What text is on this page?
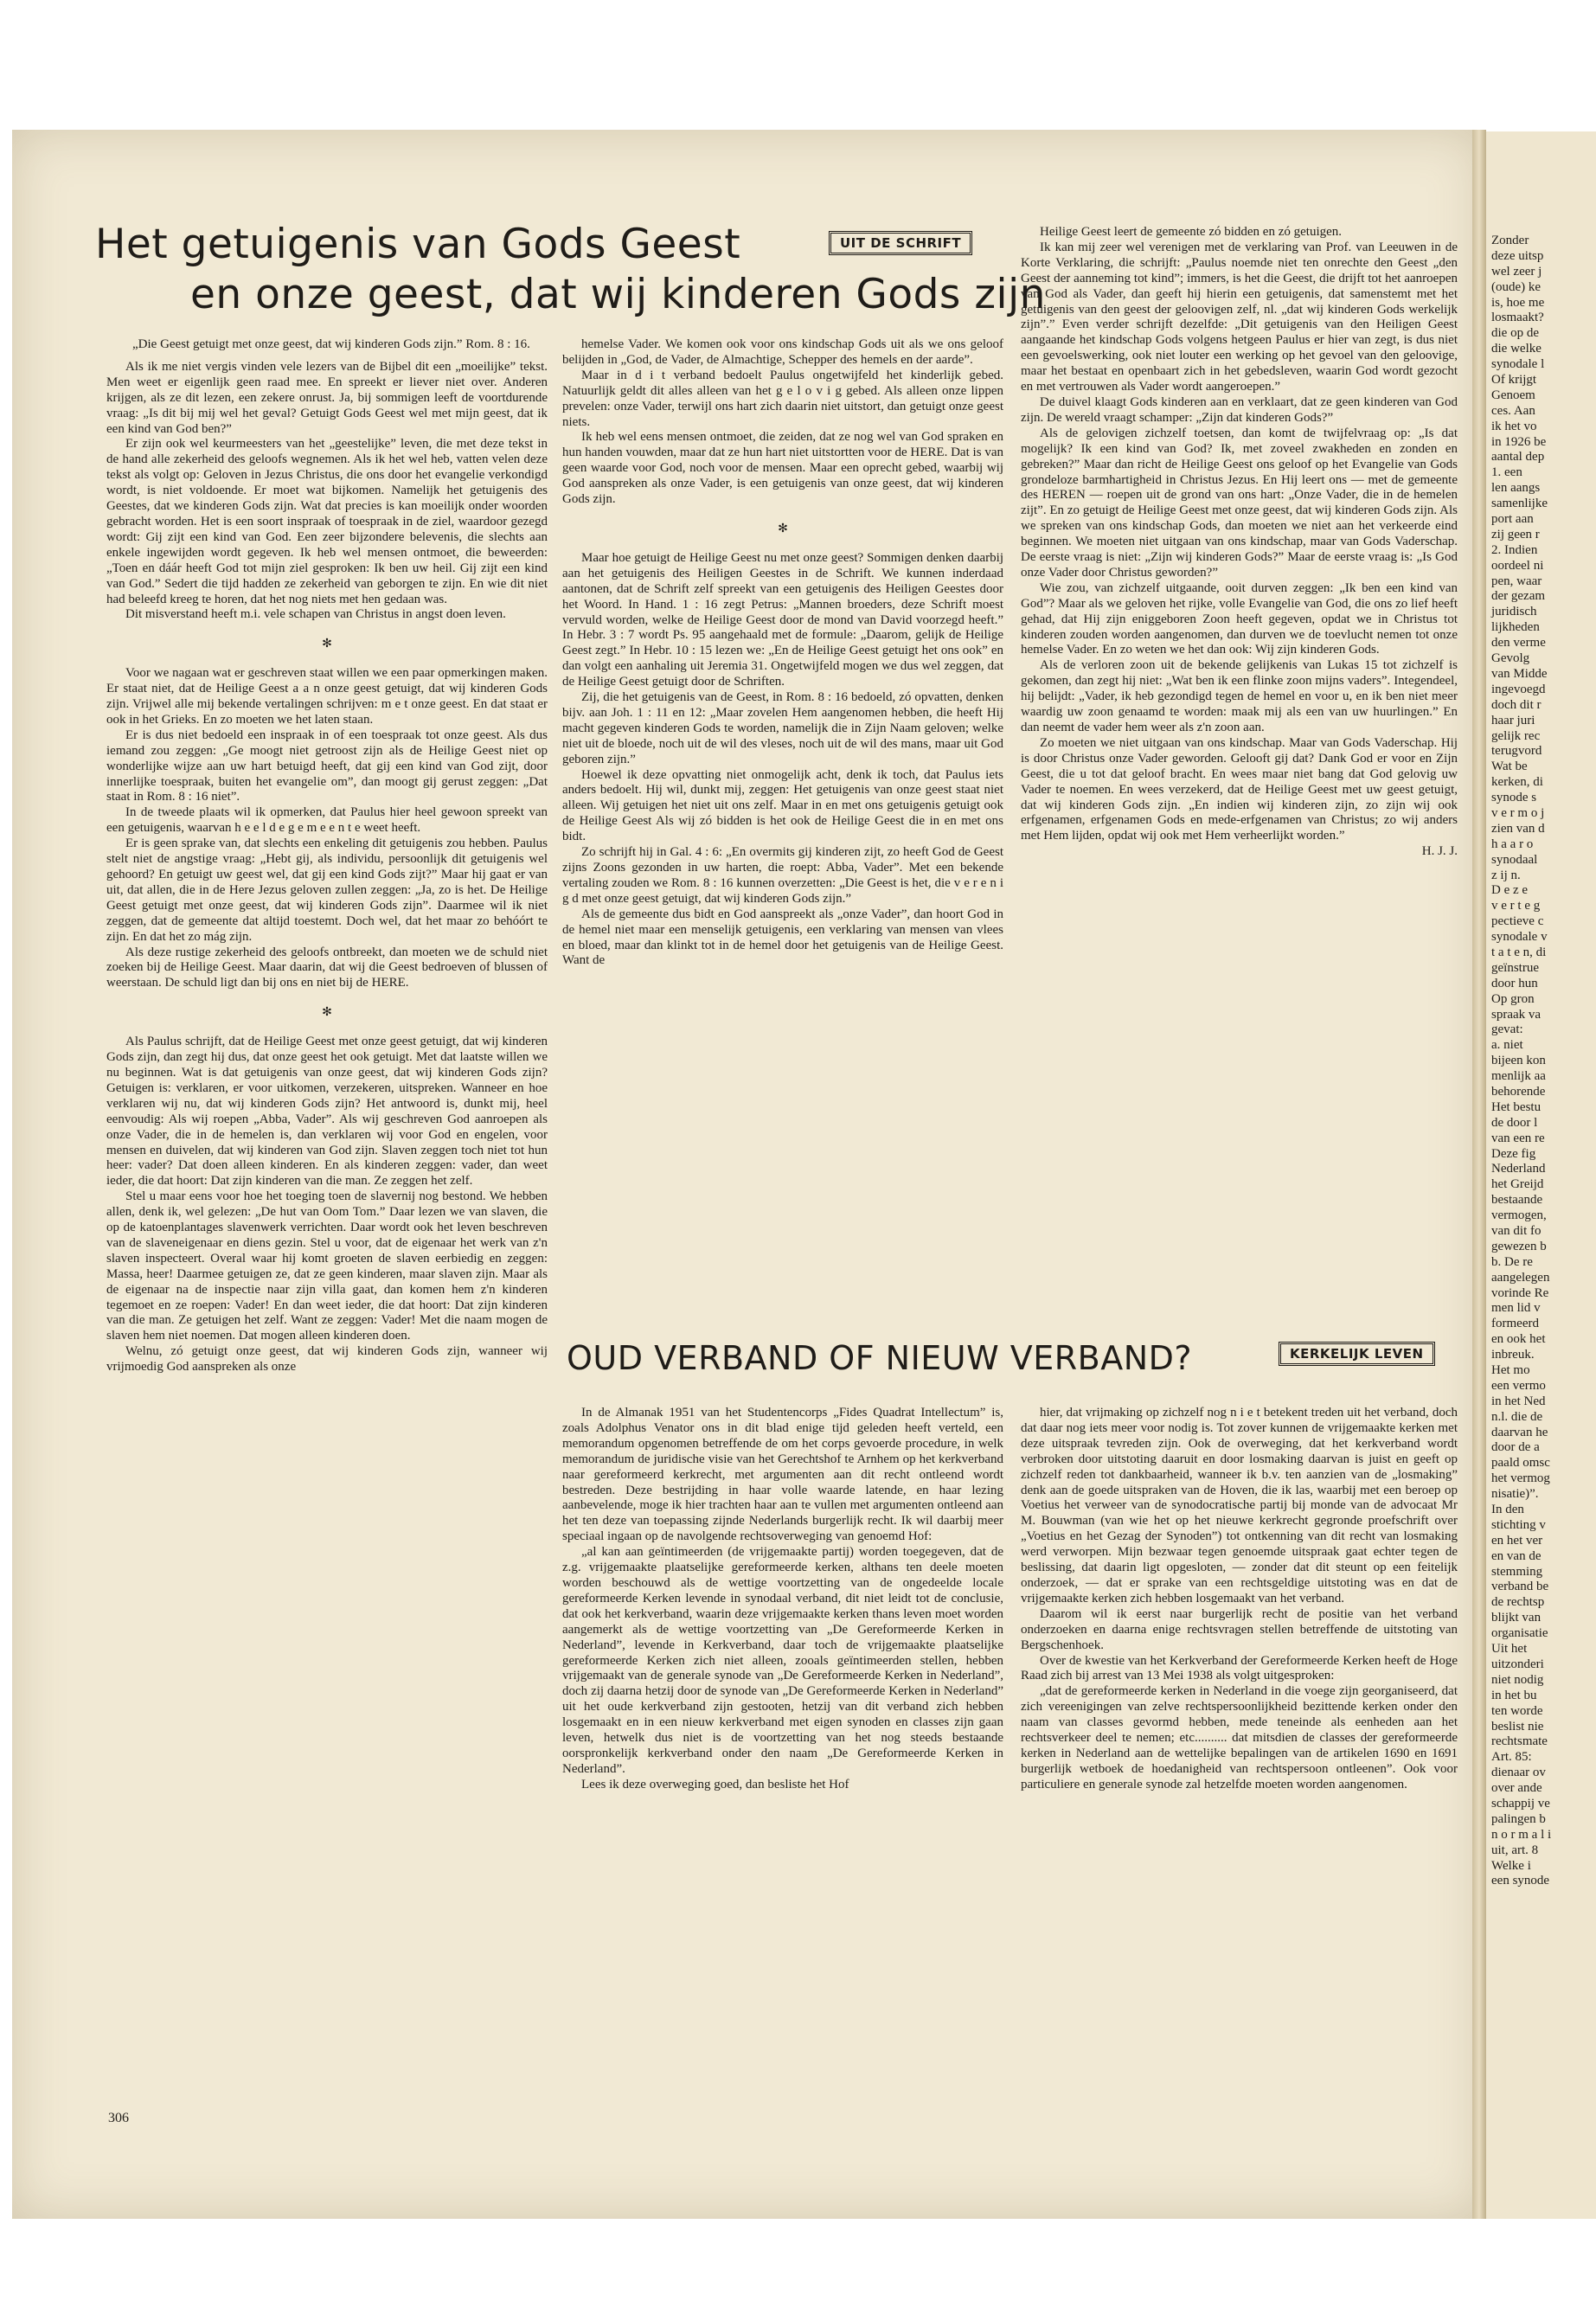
Zonder
deze uitsp
wel zeer j
(oude) ke
is, hoe me
losmaakt?
die op de
die welke
synodale l
Of krijgt
Genoem
ces. Aan
ik het vo
in 1926 be
aantal dep
1. een
len aangs
samenlijke
port aan
zij geen r
2. Indien
oordeel ni
pen, waar
der gezam
juridisch
lijkheden
den verme
Gevolg
van Midde
ingevoegd
doch dit r
haar juri
gelijk rec
terugvord
Wat be
kerken, di
synode s
v e r m o j
zien van d
h a a r o
synodaal
z ij n.
D e z e
v e r t e g
pectieve c
synodale v
t a t e n, di
geïnstrue
door hun
Op gron
spraak va
gevat:
a. niet
bijeen kon
menlijk aa
behorende
Het bestu
de door l
van een re
Deze fig
Nederland
het Greijd
bestaande
vermogen,
van dit fo
gewezen b
b. De re
aangelegen
vorinde Re
men lid v
formeerd
en ook het
inbreuk.
Het mo
een vermo
in het Ned
n.l. die de
daarvan he
door de a
paald omsc
het vermog
nisatie)”.
In den
stichting v
en het ver
en van de
stemming
verband be
de rechtsp
blijkt van
organisatie
Uit het
uitzonderi
niet nodig
in het bu
ten worde
beslist nie
rechtsmate
Art. 85:
dienaar ov
over ande
schappij ve
palingen b
n o r m a l i
uit, art. 8
Welke i
een synode
Het getuigenis van Gods Geest
en onze geest, dat wij kinderen Gods zijn
UIT DE SCHRIFT

„Die Geest getuigt met onze geest, dat wij kinderen Gods zijn.” Rom. 8 : 16.

Als ik me niet vergis vinden vele lezers van de Bijbel dit een „moeilijke” tekst. Men weet er eigenlijk geen raad mee. En spreekt er liever niet over. Anderen krijgen, als ze dit lezen, een zekere onrust. Ja, bij sommigen leeft de voortdurende vraag: „Is dit bij mij wel het geval? Getuigt Gods Geest wel met mijn geest, dat ik een kind van God ben?”

Er zijn ook wel keurmeesters van het „geestelijke” leven, die met deze tekst in de hand alle zekerheid des geloofs wegnemen. Als ik het wel heb, vatten velen deze tekst als volgt op: Geloven in Jezus Christus, die ons door het evangelie verkondigd wordt, is niet voldoende. Er moet wat bijkomen. Namelijk het getuigenis des Geestes, dat we kinderen Gods zijn. Wat dat precies is kan moeilijk onder woorden gebracht worden. Het is een soort inspraak of toespraak in de ziel, waardoor gezegd wordt: Gij zijt een kind van God. Een zeer bijzondere belevenis, die slechts aan enkele ingewijden wordt gegeven. Ik heb wel mensen ontmoet, die beweerden: „Toen en dáár heeft God tot mijn ziel gesproken: Ik ben uw heil. Gij zijt een kind van God.” Sedert die tijd hadden ze zekerheid van geborgen te zijn. En wie dit niet had beleefd kreeg te horen, dat het nog niets met hen gedaan was.

Dit misverstand heeft m.i. vele schapen van Christus in angst doen leven.

✻

Voor we nagaan wat er geschreven staat willen we een paar opmerkingen maken. Er staat niet, dat de Heilige Geest a a n onze geest getuigt, dat wij kinderen Gods zijn. Vrijwel alle mij bekende vertalingen schrijven: m e t onze geest. En dat staat er ook in het Grieks. En zo moeten we het laten staan.

Er is dus niet bedoeld een inspraak in of een toespraak tot onze geest. Als dus iemand zou zeggen: „Ge moogt niet getroost zijn als de Heilige Geest niet op wonderlijke wijze aan uw hart betuigd heeft, dat gij een kind van God zijt, door innerlijke toespraak, buiten het evangelie om”, dan moogt gij gerust zeggen: „Dat staat in Rom. 8 : 16 niet”.

In de tweede plaats wil ik opmerken, dat Paulus hier heel gewoon spreekt van een getuigenis, waarvan h e e l d e g e m e e n t e weet heeft.

Er is geen sprake van, dat slechts een enkeling dit getuigenis zou hebben. Paulus stelt niet de angstige vraag: „Hebt gij, als individu, persoonlijk dit getuigenis wel gehoord? En getuigt uw geest wel, dat gij een kind Gods zijt?” Maar hij gaat er van uit, dat allen, die in de Here Jezus geloven zullen zeggen: „Ja, zo is het. De Heilige Geest getuigt met onze geest, dat wij kinderen Gods zijn”. Daarmee wil ik niet zeggen, dat de gemeente dat altijd toestemt. Doch wel, dat het maar zo behóórt te zijn. En dat het zo mág zijn.

Als deze rustige zekerheid des geloofs ontbreekt, dan moeten we de schuld niet zoeken bij de Heilige Geest. Maar daarin, dat wij die Geest bedroeven of blussen of weerstaan. De schuld ligt dan bij ons en niet bij de HERE.

✻

Als Paulus schrijft, dat de Heilige Geest met onze geest getuigt, dat wij kinderen Gods zijn, dan zegt hij dus, dat onze geest het ook getuigt. Met dat laatste willen we nu beginnen. Wat is dat getuigenis van onze geest, dat wij kinderen Gods zijn? Getuigen is: verklaren, er voor uitkomen, verzekeren, uitspreken. Wanneer en hoe verklaren wij nu, dat wij kinderen Gods zijn? Het antwoord is, dunkt mij, heel eenvoudig: Als wij roepen „Abba, Vader”. Als wij geschreven God aanroepen als onze Vader, die in de hemelen is, dan verklaren wij voor God en engelen, voor mensen en duivelen, dat wij kinderen van God zijn. Slaven zeggen toch niet tot hun heer: vader? Dat doen alleen kinderen. En als kinderen zeggen: vader, dan weet ieder, die dat hoort: Dat zijn kinderen van die man. Ze zeggen het zelf.

Stel u maar eens voor hoe het toeging toen de slavernij nog bestond. We hebben allen, denk ik, wel gelezen: „De hut van Oom Tom.” Daar lezen we van slaven, die op de katoenplantages slavenwerk verrichten. Daar wordt ook het leven beschreven van de slaveneigenaar en diens gezin. Stel u voor, dat de eigenaar het werk van z'n slaven inspecteert. Overal waar hij komt groeten de slaven eerbiedig en zeggen: Massa, heer! Daarmee getuigen ze, dat ze geen kinderen, maar slaven zijn. Maar als de eigenaar na de inspectie naar zijn villa gaat, dan komen hem z'n kinderen tegemoet en ze roepen: Vader! En dan weet ieder, die dat hoort: Dat zijn kinderen van die man. Ze getuigen het zelf. Want ze zeggen: Vader! Met die naam mogen de slaven hem niet noemen. Dat mogen alleen kinderen doen.

Welnu, zó getuigt onze geest, dat wij kinderen Gods zijn, wanneer wij vrijmoedig God aanspreken als onze

hemelse Vader. We komen ook voor ons kindschap Gods uit als we ons geloof belijden in „God, de Vader, de Almachtige, Schepper des hemels en der aarde”.

Maar in d i t verband bedoelt Paulus ongetwijfeld het kinderlijk gebed. Natuurlijk geldt dit alles alleen van het g e l o v i g gebed. Als alleen onze lippen prevelen: onze Vader, terwijl ons hart zich daarin niet uitstort, dan getuigt onze geest niets.

Ik heb wel eens mensen ontmoet, die zeiden, dat ze nog wel van God spraken en hun handen vouwden, maar dat ze hun hart niet uitstortten voor de HERE. Dat is van geen waarde voor God, noch voor de mensen. Maar een oprecht gebed, waarbij wij God aanspreken als onze Vader, is een getuigenis van onze geest, dat wij kinderen Gods zijn.

✻

Maar hoe getuigt de Heilige Geest nu met onze geest? Sommigen denken daarbij aan het getuigenis des Heiligen Geestes in de Schrift. We kunnen inderdaad aantonen, dat de Schrift zelf spreekt van een getuigenis des Heiligen Geestes door het Woord. In Hand. 1 : 16 zegt Petrus: „Mannen broeders, deze Schrift moest vervuld worden, welke de Heilige Geest door de mond van David voorzegd heeft.” In Hebr. 3 : 7 wordt Ps. 95 aangehaald met de formule: „Daarom, gelijk de Heilige Geest zegt.” In Hebr. 10 : 15 lezen we: „En de Heilige Geest getuigt het ons ook” en dan volgt een aanhaling uit Jeremia 31. Ongetwijfeld mogen we dus wel zeggen, dat de Heilige Geest getuigt door de Schriften.

Zij, die het getuigenis van de Geest, in Rom. 8 : 16 bedoeld, zó opvatten, denken bijv. aan Joh. 1 : 11 en 12: „Maar zovelen Hem aangenomen hebben, die heeft Hij macht gegeven kinderen Gods te worden, namelijk die in Zijn Naam geloven; welke niet uit de bloede, noch uit de wil des vleses, noch uit de wil des mans, maar uit God geboren zijn.”

Hoewel ik deze opvatting niet onmogelijk acht, denk ik toch, dat Paulus iets anders bedoelt. Hij wil, dunkt mij, zeggen: Het getuigenis van onze geest staat niet alleen. Wij getuigen het niet uit ons zelf. Maar in en met ons getuigenis getuigt ook de Heilige Geest Als wij zó bidden is het ook de Heilige Geest die in en met ons bidt.

Zo schrijft hij in Gal. 4 : 6: „En overmits gij kinderen zijt, zo heeft God de Geest zijns Zoons gezonden in uw harten, die roept: Abba, Vader”. Met een bekende vertaling zouden we Rom. 8 : 16 kunnen overzetten: „Die Geest is het, die v e r e n i g d met onze geest getuigt, dat wij kinderen Gods zijn.”

Als de gemeente dus bidt en God aanspreekt als „onze Vader”, dan hoort God in de hemel niet maar een menselijk getuigenis, een verklaring van mensen van vlees en bloed, maar dan klinkt tot in de hemel door het getuigenis van de Heilige Geest. Want de

Heilige Geest leert de gemeente zó bidden en zó getuigen.

Ik kan mij zeer wel verenigen met de verklaring van Prof. van Leeuwen in de Korte Verklaring, die schrijft: „Paulus noemde niet ten onrechte den Geest „den Geest der aanneming tot kind”; immers, is het die Geest, die drijft tot het aanroepen van God als Vader, dan geeft hij hierin een getuigenis, dat samenstemt met het getuigenis van den geest der geloovigen zelf, nl. „dat wij kinderen Gods werkelijk zijn”.” Even verder schrijft dezelfde: „Dit getuigenis van den Heiligen Geest aangaande het kindschap Gods volgens hetgeen Paulus er hier van zegt, is dus niet een gevoelswerking, ook niet louter een werking op het gevoel van den geloovige, maar het bestaat en openbaart zich in het gebedsleven, waarin God wordt gezocht en met vertrouwen als Vader wordt aangeroepen.”

De duivel klaagt Gods kinderen aan en verklaart, dat ze geen kinderen van God zijn. De wereld vraagt schamper: „Zijn dat kinderen Gods?”

Als de gelovigen zichzelf toetsen, dan komt de twijfelvraag op: „Is dat mogelijk? Ik een kind van God? Ik, met zoveel zwakheden en zonden en gebreken?” Maar dan richt de Heilige Geest ons geloof op het Evangelie van Gods grondeloze barmhartigheid in Christus Jezus. En Hij leert ons — met de gemeente des HEREN — roepen uit de grond van ons hart: „Onze Vader, die in de hemelen zijt”. En zo getuigt de Heilige Geest met onze geest, dat wij kinderen Gods zijn. Als we spreken van ons kindschap Gods, dan moeten we niet aan het verkeerde eind beginnen. We moeten niet uitgaan van ons kindschap, maar van Gods Vaderschap. De eerste vraag is niet: „Zijn wij kinderen Gods?” Maar de eerste vraag is: „Is God onze Vader door Christus geworden?”

Wie zou, van zichzelf uitgaande, ooit durven zeggen: „Ik ben een kind van God”? Maar als we geloven het rijke, volle Evangelie van God, die ons zo lief heeft gehad, dat Hij zijn eniggeboren Zoon heeft gegeven, opdat we in Christus tot kinderen zouden worden aangenomen, dan durven we de toevlucht nemen tot onze hemelse Vader. En zo weten we het dan ook: Wij zijn kinderen Gods.

Als de verloren zoon uit de bekende gelijkenis van Lukas 15 tot zichzelf is gekomen, dan zegt hij niet: „Wat ben ik een flinke zoon mijns vaders”. Integendeel, hij belijdt: „Vader, ik heb gezondigd tegen de hemel en voor u, en ik ben niet meer waardig uw zoon genaamd te worden: maak mij als een van uw huurlingen.” En dan neemt de vader hem weer als z'n zoon aan.

Zo moeten we niet uitgaan van ons kindschap. Maar van Gods Vaderschap. Hij is door Christus onze Vader geworden. Gelooft gij dat? Dank God er voor en Zijn Geest, die u tot dat geloof bracht. En wees maar niet bang dat God gelovig uw Vader te noemen. En wees verzekerd, dat de Heilige Geest met uw geest getuigt, dat wij kinderen Gods zijn. „En indien wij kinderen zijn, zo zijn wij ook erfgenamen, erfgenamen Gods en mede-erfgenamen van Christus; zo wij anders met Hem lijden, opdat wij ook met Hem verheerlijkt worden.”

H. J. J.

OUD VERBAND OF NIEUW VERBAND?	KERKELIJK LEVEN

In de Almanak 1951 van het Studentencorps „Fides Quadrat Intellectum” is, zoals Adolphus Venator ons in dit blad enige tijd geleden heeft verteld, een memorandum opgenomen betreffende de om het corps gevoerde procedure, in welk memorandum de juridische visie van het Gerechtshof te Arnhem op het kerkverband naar gereformeerd kerkrecht, met argumenten aan dit recht ontleend wordt bestreden. Deze bestrijding in haar volle waarde latende, en haar lezing aanbevelende, moge ik hier trachten haar aan te vullen met argumenten ontleend aan het ten deze van toepassing zijnde Nederlands burgerlijk recht. Ik wil daarbij meer speciaal ingaan op de navolgende rechtsoverweging van genoemd Hof:

„al kan aan geïntimeerden (de vrijgemaakte partij) worden toegegeven, dat de z.g. vrijgemaakte plaatselijke gereformeerde kerken, althans ten deele moeten worden beschouwd als de wettige voortzetting van de ongedeelde locale gereformeerde Kerken levende in synodaal verband, dit niet leidt tot de conclusie, dat ook het kerkverband, waarin deze vrijgemaakte kerken thans leven moet worden aangemerkt als de wettige voortzetting van „De Gereformeerde Kerken in Nederland”, levende in Kerkverband, daar toch de vrijgemaakte plaatselijke gereformeerde Kerken zich niet alleen, zooals geïntimeerden stellen, hebben vrijgemaakt van de generale synode van „De Gereformeerde Kerken in Nederland”, doch zij daarna hetzij door de synode van „De Gereformeerde Kerken in Nederland” uit het oude kerkverband zijn gestooten, hetzij van dit verband zich hebben losgemaakt en in een nieuw kerkverband met eigen synoden en classes zijn gaan leven, hetwelk dus niet is de voortzetting van het nog steeds bestaande oorspronkelijk kerkverband onder den naam „De Gereformeerde Kerken in Nederland”.

Lees ik deze overweging goed, dan besliste het Hof

hier, dat vrijmaking op zichzelf nog n i e t betekent treden uit het verband, doch dat daar nog iets meer voor nodig is. Tot zover kunnen de vrijgemaakte kerken met deze uitspraak tevreden zijn. Ook de overweging, dat het kerkverband wordt verbroken door uitstoting daaruit en door losmaking daarvan is juist en geeft op zichzelf reden tot dankbaarheid, wanneer ik b.v. ten aanzien van de „losmaking” denk aan de goede uitspraken van de Hoven, die ik las, waarbij met een beroep op Voetius het verweer van de synodocratische partij bij monde van de advocaat Mr M. Bouwman (van wie het op het nieuwe kerkrecht gegronde proefschrift over „Voetius en het Gezag der Synoden”) tot ontkenning van dit recht van losmaking werd verworpen. Mijn bezwaar tegen genoemde uitspraak gaat echter tegen de beslissing, dat daarin ligt opgesloten, — zonder dat dit steunt op een feitelijk onderzoek, — dat er sprake van een rechtsgeldige uitstoting was en dat de vrijgemaakte kerken zich hebben losgemaakt van het verband.

Daarom wil ik eerst naar burgerlijk recht de positie van het verband onderzoeken en daarna enige rechtsvragen stellen betreffende de uitstoting van Bergschenhoek.

Over de kwestie van het Kerkverband der Gereformeerde Kerken heeft de Hoge Raad zich bij arrest van 13 Mei 1938 als volgt uitgesproken:

„dat de gereformeerde kerken in Nederland in die voege zijn georganiseerd, dat zich vereenigingen van zelve rechtspersoonlijkheid bezittende kerken onder den naam van classes gevormd hebben, mede teneinde als eenheden aan het rechtsverkeer deel te nemen; etc.......... dat mitsdien de classes der gereformeerde kerken in Nederland aan de wettelijke bepalingen van de artikelen 1690 en 1691 burgerlijk wetboek de hoedanigheid van rechtspersoon ontleenen”. Ook voor particuliere en generale synode zal hetzelfde moeten worden aangenomen.

306
